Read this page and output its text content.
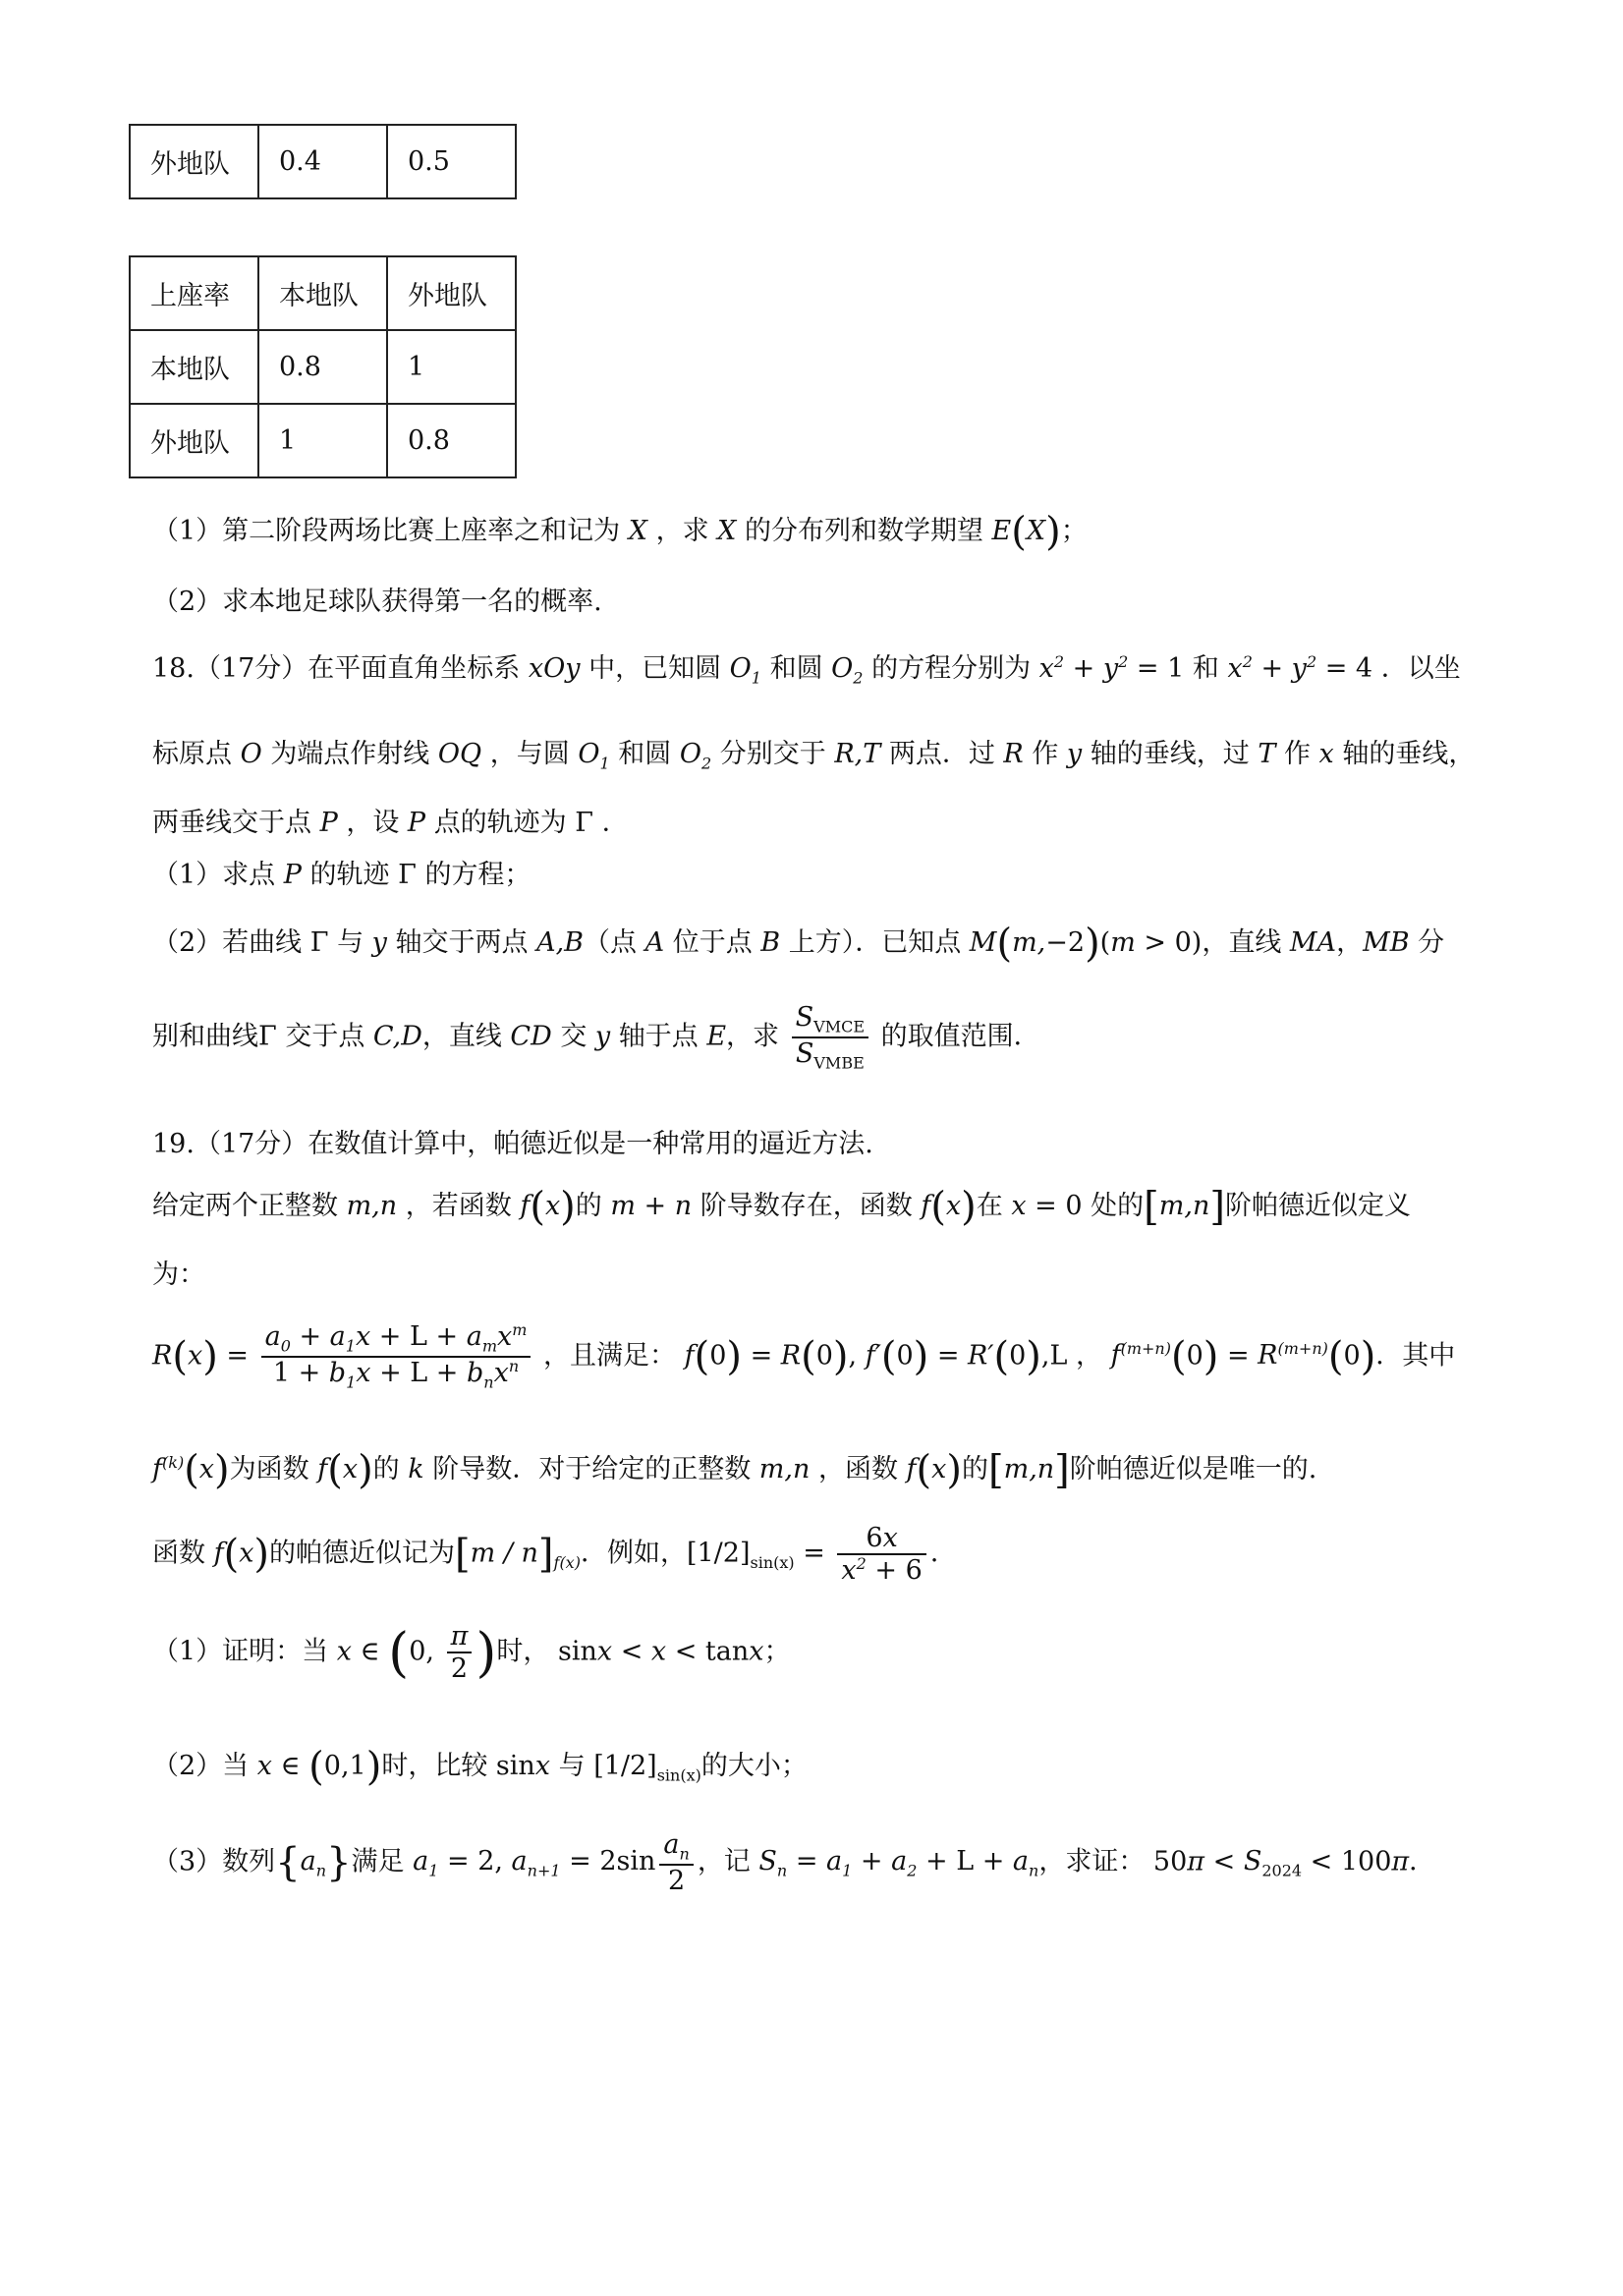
外地队	0.4	0.5
上座率	本地队	外地队
本地队	0.8	1
外地队	1	0.8
（1）第二阶段两场比赛上座率之和记为 X ，求 X 的分布列和数学期望 E(X)；
（2）求本地足球队获得第一名的概率.
18.（17分）在平面直角坐标系 xOy 中，已知圆 $O_1$ 和圆 $O_2$ 的方程分别为 $x^2 + y^2 = 1$ 和 $x^2 + y^2 = 4$ ．以坐
标原点 O 为端点作射线 OQ ，与圆 $O_1$ 和圆 $O_2$ 分别交于 R,T 两点．过 R 作 y 轴的垂线，过 T 作 x 轴的垂线，
两垂线交于点 P ，设 P 点的轨迹为 Γ ．
（1）求点 P 的轨迹 Γ 的方程；
（2）若曲线 Γ 与 y 轴交于两点 A,B（点 A 位于点 B 上方）．已知点 M(m,−2)(m > 0)，直线 MA，MB 分
别和曲线Γ 交于点 C,D，直线 CD 交 y 轴于点 E，求 $\frac{S_{VMCE}}{S_{VMBE}}$ 的取值范围．
19.（17分）在数值计算中，帕德近似是一种常用的逼近方法.
给定两个正整数 m,n ，若函数 f(x)的 m + n 阶导数存在，函数 f(x)在 x = 0 处的[m,n]阶帕德近似定义
为：
$R(x) = \frac{a_0 + a_1x + L + a_mx^m}{1 + b_1x + L + b_nx^n}$ ，且满足： f(0) = R(0), f′(0) = R′(0),L ， $f^{(m+n)}(0) = R^{(m+n)}(0)$．其中
$f^{(k)}(x)$为函数 f(x)的 k 阶导数．对于给定的正整数 m,n ，函数 f(x)的[m,n]阶帕德近似是唯一的.
函数 f(x)的帕德近似记为$[m / n]_{f(x)}$．例如，$[1/2]_{sin(x)} = \frac{6x}{x^2 + 6}$ ．
（1）证明：当 x ∈ (0, $\frac{\pi}{2}$ )时， sinx < x < tanx；
（2）当 x ∈ (0,1)时，比较 sinx 与 $[1/2]_{sin(x)}$的大小；
（3）数列$\{a_n\}$满足 $a_1 = 2$, $a_{n+1} = 2\sin \frac{a_n}{2}$ ，记 $S_n = a_1 + a_2 + L + a_n$，求证： $50\pi < S_{2024} < 100\pi$．
